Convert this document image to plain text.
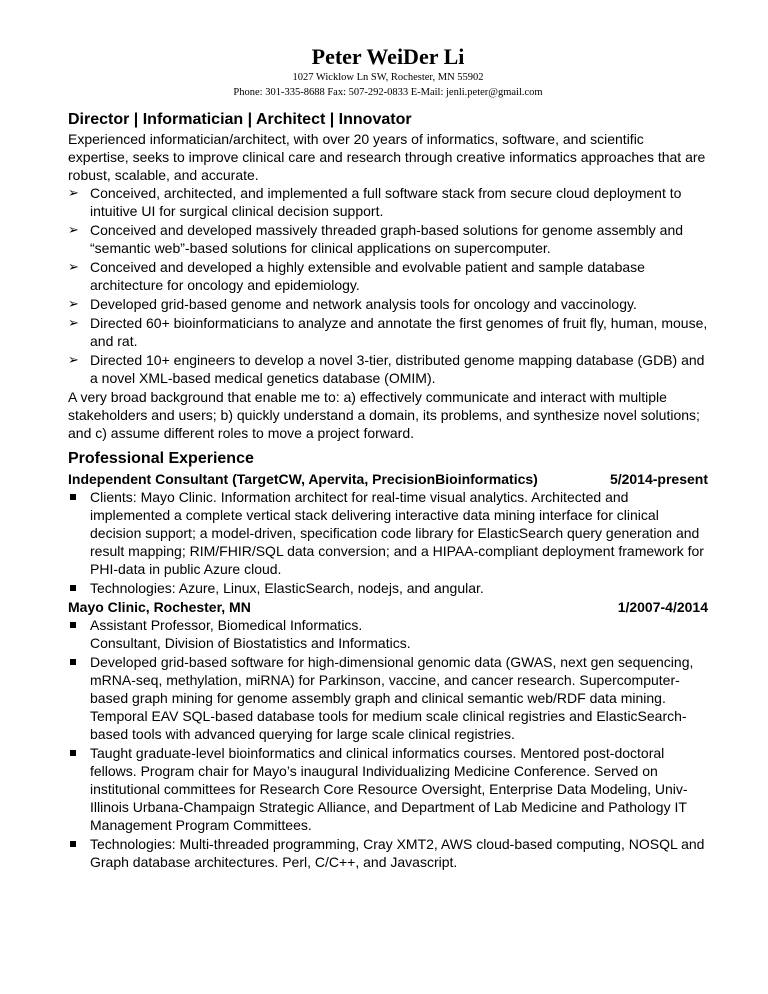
Peter WeiDer Li
1027 Wicklow Ln SW, Rochester, MN 55902
Phone: 301-335-8688 Fax: 507-292-0833 E-Mail: jenli.peter@gmail.com
Director | Informatician | Architect | Innovator
Experienced informatician/architect, with over 20 years of informatics, software, and scientific expertise, seeks to improve clinical care and research through creative informatics approaches that are robust, scalable, and accurate.
➢ Conceived, architected, and implemented a full software stack from secure cloud deployment to intuitive UI for surgical clinical decision support.
➢ Conceived and developed massively threaded graph-based solutions for genome assembly and “semantic web”-based solutions for clinical applications on supercomputer.
➢ Conceived and developed a highly extensible and evolvable patient and sample database architecture for oncology and epidemiology.
➢ Developed grid-based genome and network analysis tools for oncology and vaccinology.
➢ Directed 60+ bioinformaticians to analyze and annotate the first genomes of fruit fly, human, mouse, and rat.
➢ Directed 10+ engineers to develop a novel 3-tier, distributed genome mapping database (GDB) and a novel XML-based medical genetics database (OMIM).
A very broad background that enable me to: a) effectively communicate and interact with multiple stakeholders and users; b) quickly understand a domain, its problems, and synthesize novel solutions; and c) assume different roles to move a project forward.
Professional Experience
Independent Consultant (TargetCW, Apervita, PrecisionBioinformatics)	5/2014-present
Clients: Mayo Clinic. Information architect for real-time visual analytics. Architected and implemented a complete vertical stack delivering interactive data mining interface for clinical decision support; a model-driven, specification code library for ElasticSearch query generation and result mapping; RIM/FHIR/SQL data conversion; and a HIPAA-compliant deployment framework for PHI-data in public Azure cloud.
Technologies: Azure, Linux, ElasticSearch, nodejs, and angular.
Mayo Clinic, Rochester, MN	1/2007-4/2014
Assistant Professor, Biomedical Informatics.
Consultant, Division of Biostatistics and Informatics.
Developed grid-based software for high-dimensional genomic data (GWAS, next gen sequencing, mRNA-seq, methylation, miRNA) for Parkinson, vaccine, and cancer research. Supercomputer-based graph mining for genome assembly graph and clinical semantic web/RDF data mining. Temporal EAV SQL-based database tools for medium scale clinical registries and ElasticSearch-based tools with advanced querying for large scale clinical registries.
Taught graduate-level bioinformatics and clinical informatics courses. Mentored post-doctoral fellows. Program chair for Mayo’s inaugural Individualizing Medicine Conference. Served on institutional committees for Research Core Resource Oversight, Enterprise Data Modeling, Univ-Illinois Urbana-Champaign Strategic Alliance, and Department of Lab Medicine and Pathology IT Management Program Committees.
Technologies: Multi-threaded programming, Cray XMT2, AWS cloud-based computing, NOSQL and Graph database architectures. Perl, C/C++, and Javascript.
